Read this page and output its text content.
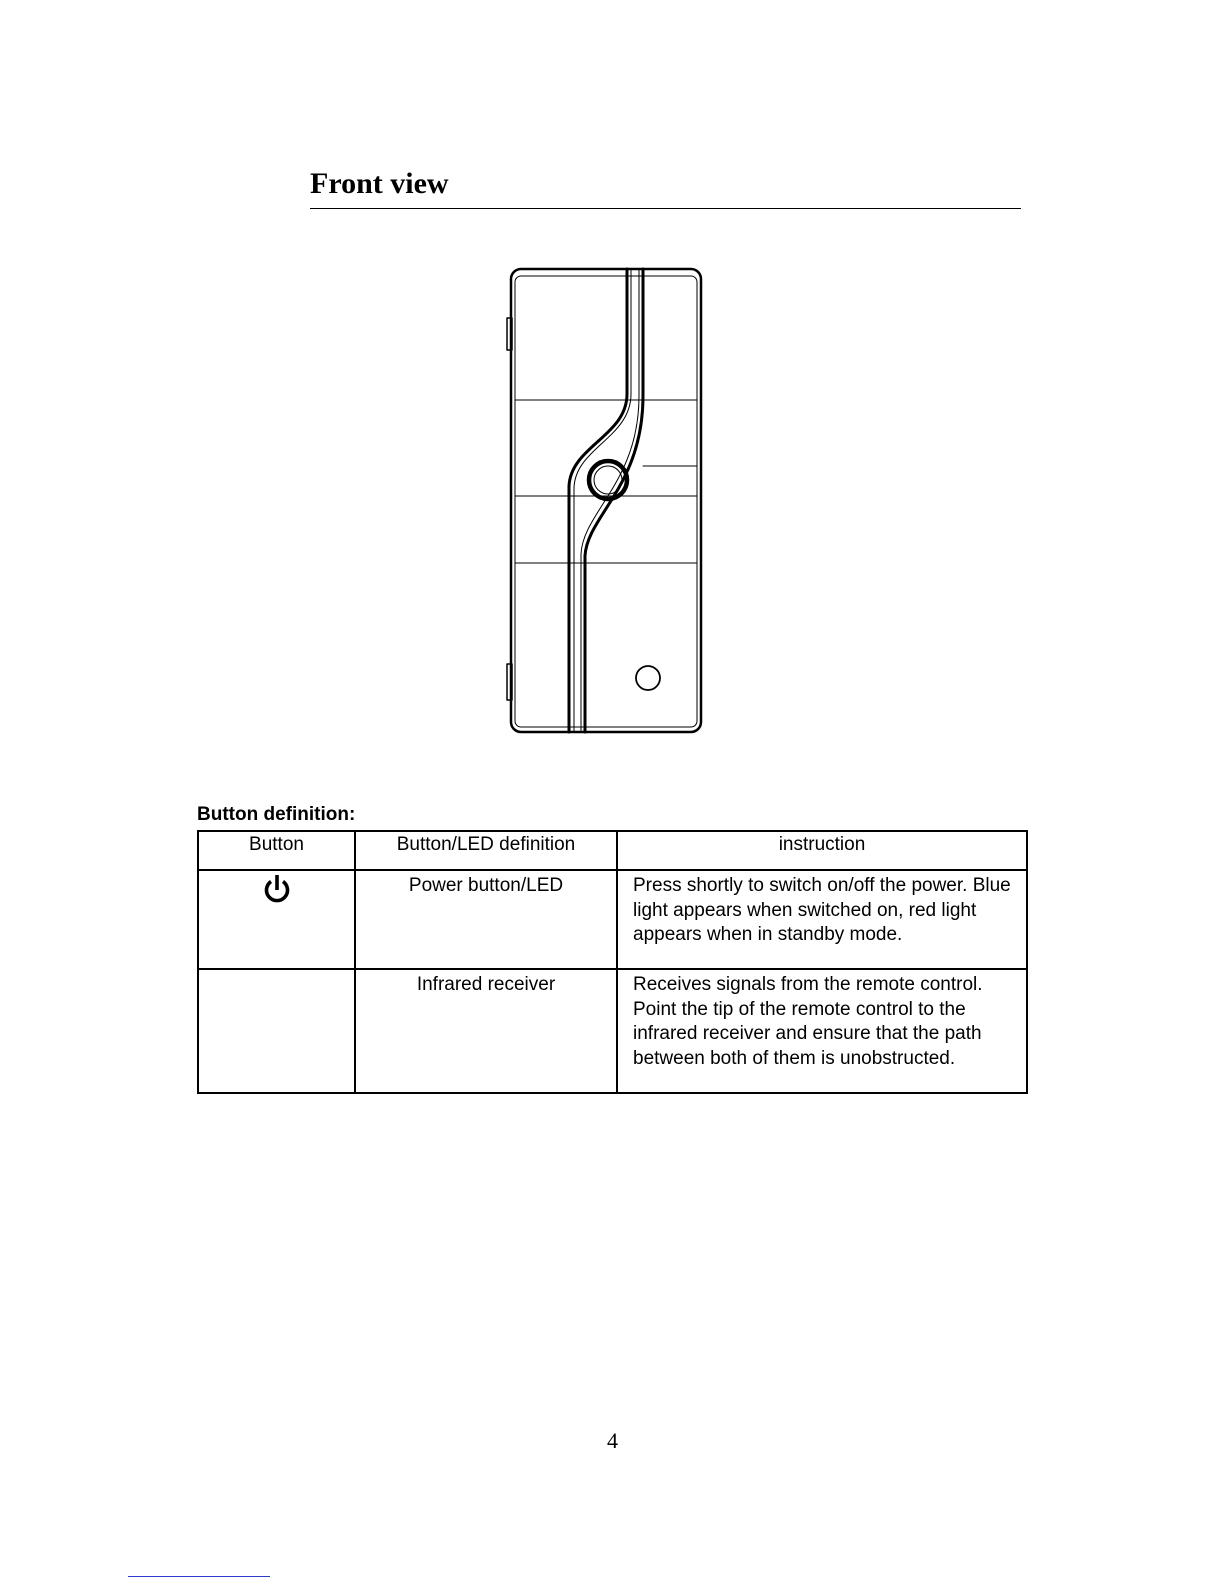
Front view

Button definition:

Button	Button/LED definition	instruction
	Power button/LED	Press shortly to switch on/off the power. Blue light appears when switched on, red light appears when in standby mode.
	Infrared receiver	Receives signals from the remote control. Point the tip of the remote control to the infrared receiver and ensure that the path between both of them is unobstructed.

4
